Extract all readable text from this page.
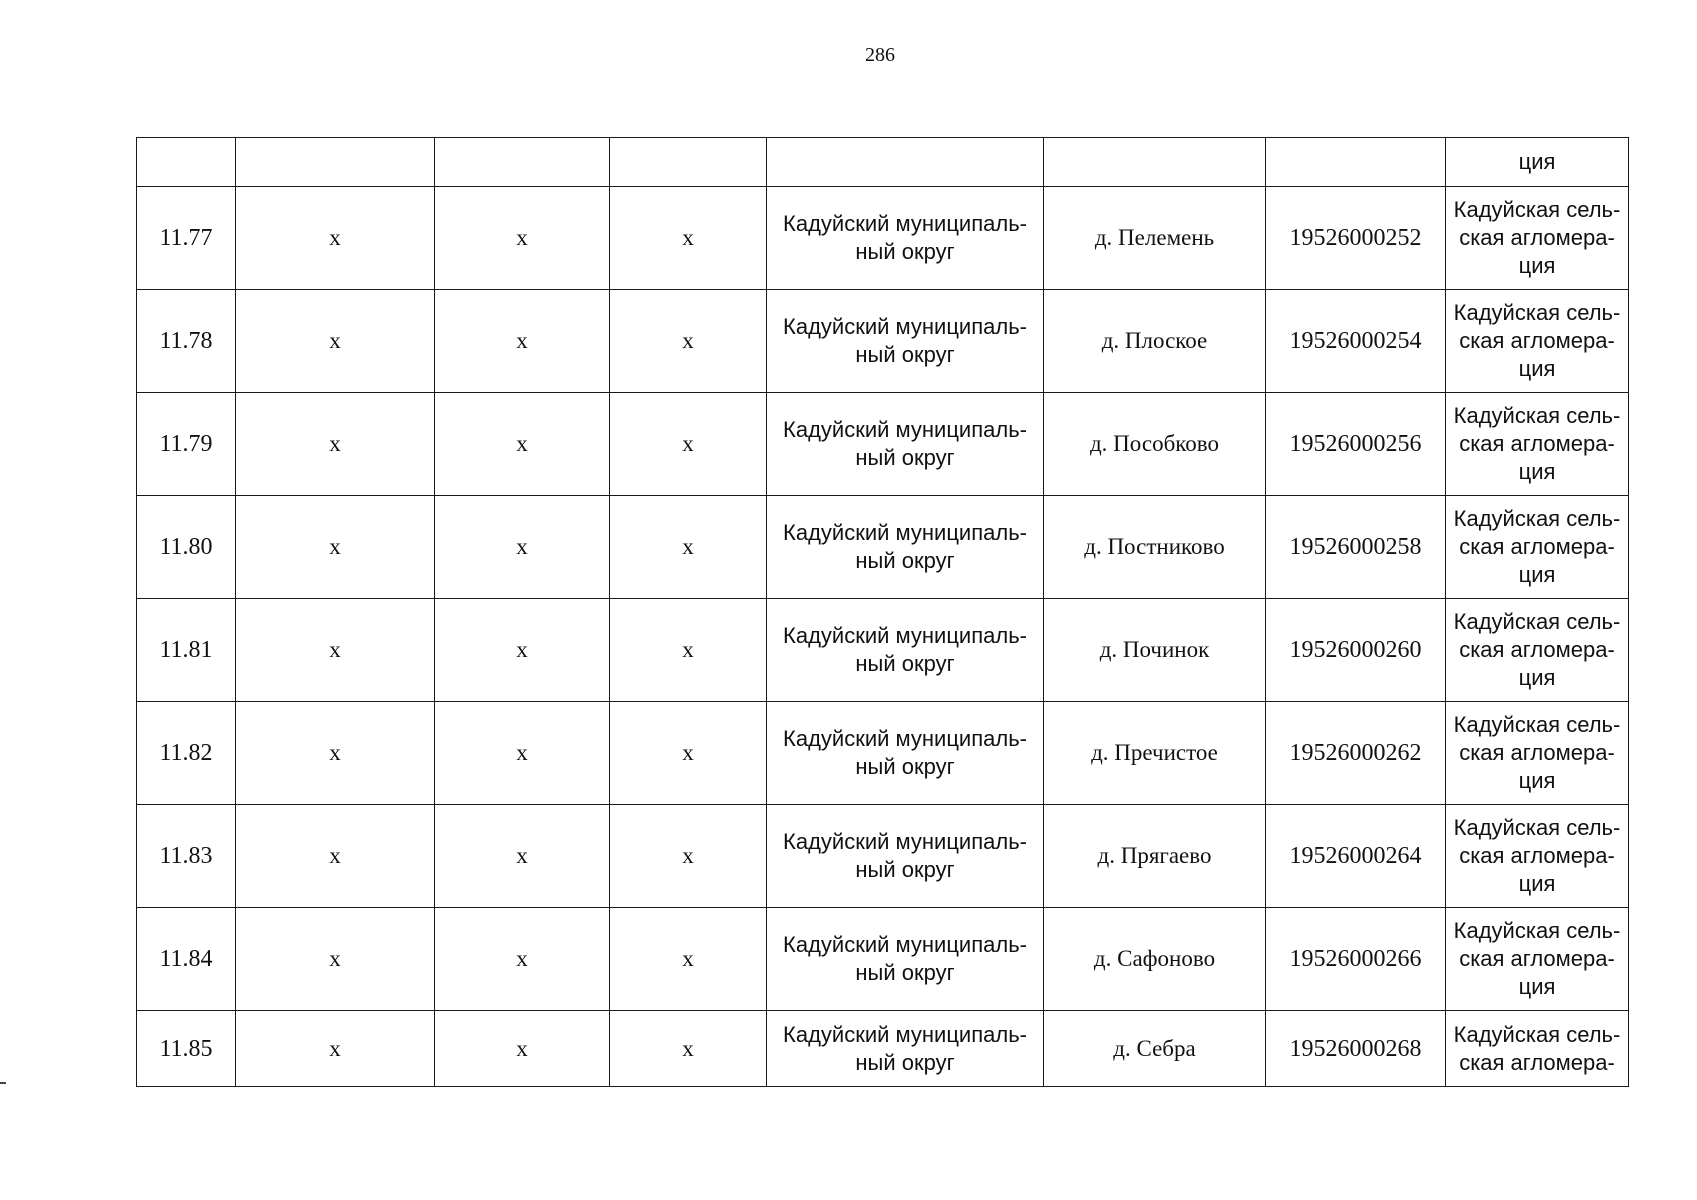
286
							ция
11.77	х	х	х	Кадуйский муниципаль-
ный округ	д. Пелемень	19526000252	Кадуйская сель-
ская агломера-
ция
11.78	х	х	х	Кадуйский муниципаль-
ный округ	д. Плоское	19526000254	Кадуйская сель-
ская агломера-
ция
11.79	х	х	х	Кадуйский муниципаль-
ный округ	д. Пособково	19526000256	Кадуйская сель-
ская агломера-
ция
11.80	х	х	х	Кадуйский муниципаль-
ный округ	д. Постниково	19526000258	Кадуйская сель-
ская агломера-
ция
11.81	х	х	х	Кадуйский муниципаль-
ный округ	д. Починок	19526000260	Кадуйская сель-
ская агломера-
ция
11.82	х	х	х	Кадуйский муниципаль-
ный округ	д. Пречистое	19526000262	Кадуйская сель-
ская агломера-
ция
11.83	х	х	х	Кадуйский муниципаль-
ный округ	д. Прягаево	19526000264	Кадуйская сель-
ская агломера-
ция
11.84	х	х	х	Кадуйский муниципаль-
ный округ	д. Сафоново	19526000266	Кадуйская сель-
ская агломера-
ция
11.85	х	х	х	Кадуйский муниципаль-
ный округ	д. Себра	19526000268	Кадуйская сель-
ская агломера-
